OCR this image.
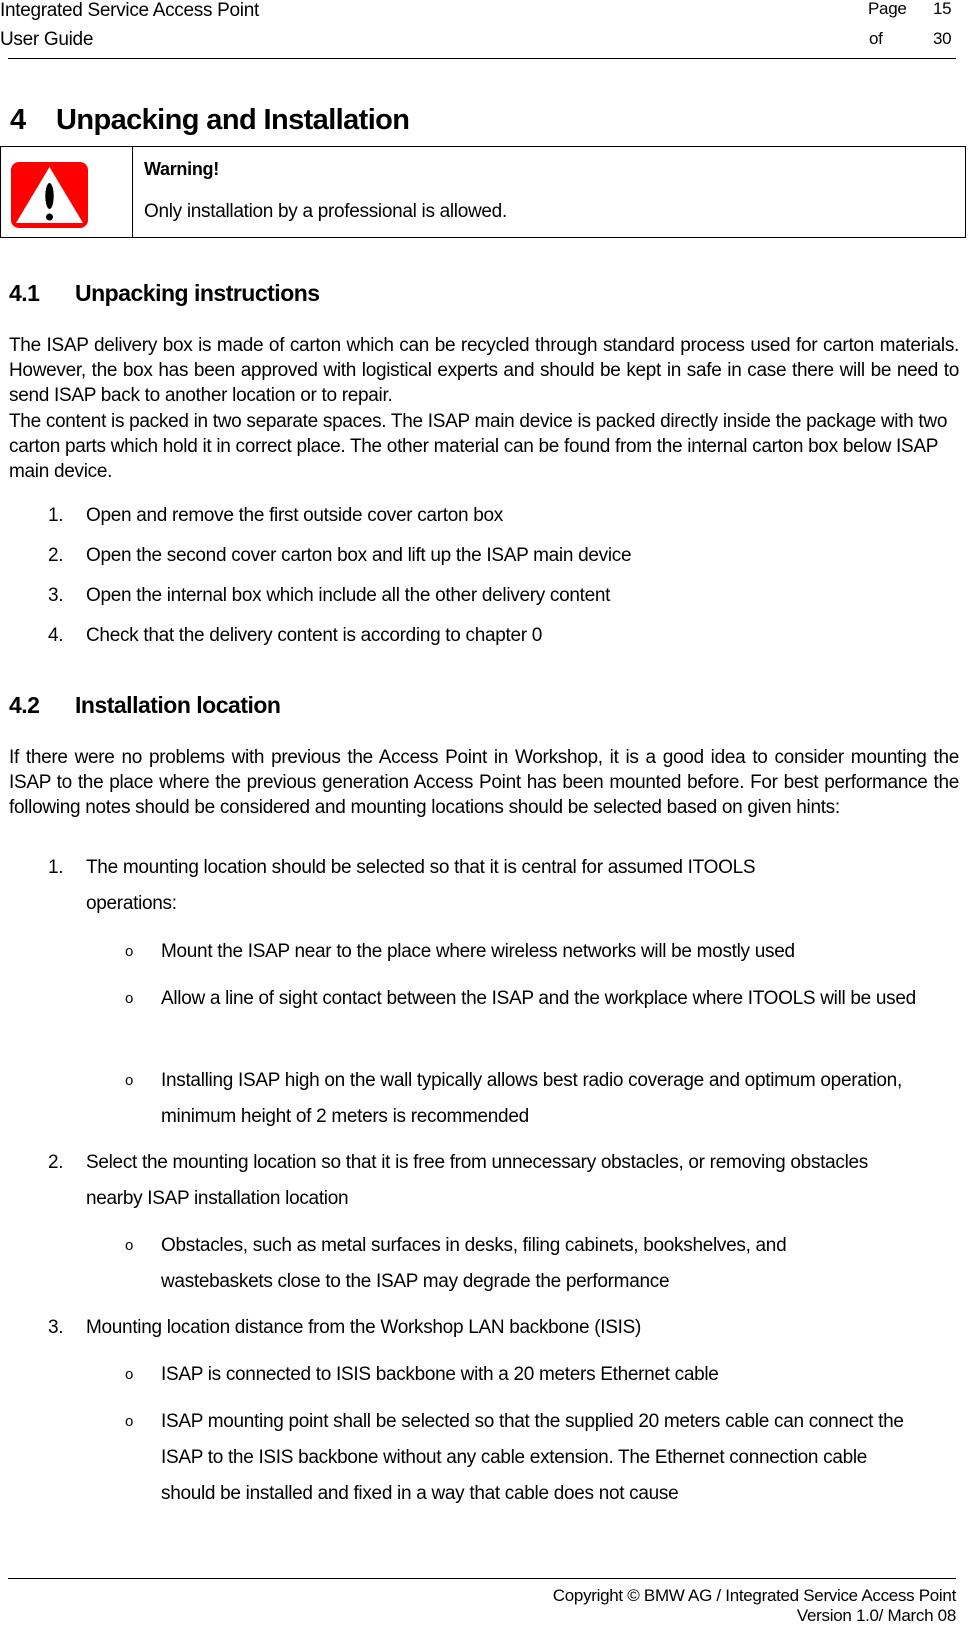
Integrated Service Access Point
User Guide
Page 15
of	30
4 Unpacking and Installation
Warning!
Only installation by a professional is allowed.
4.1 Unpacking instructions
The ISAP delivery box is made of carton which can be recycled through standard process used for carton materials. However, the box has been approved with logistical experts and should be kept in safe in case there will be need to send ISAP back to another location or to repair.
The content is packed in two separate spaces. The ISAP main device is packed directly inside the package with two carton parts which hold it in correct place. The other material can be found from the internal carton box below ISAP main device.
1. Open and remove the first outside cover carton box
2. Open the second cover carton box and lift up the ISAP main device
3. Open the internal box which include all the other delivery content
4. Check that the delivery content is according to chapter 0
4.2 Installation location
If there were no problems with previous the Access Point in Workshop, it is a good idea to consider mounting the ISAP to the place where the previous generation Access Point has been mounted before. For best performance the following notes should be considered and mounting locations should be selected based on given hints:
1. The mounting location should be selected so that it is central for assumed ITOOLS operations:
o Mount the ISAP near to the place where wireless networks will be mostly used
o Allow a line of sight contact between the ISAP and the workplace where ITOOLS will be used
o Installing ISAP high on the wall typically allows best radio coverage and optimum operation, minimum height of 2 meters is recommended
2. Select the mounting location so that it is free from unnecessary obstacles, or removing obstacles nearby ISAP installation location
o Obstacles, such as metal surfaces in desks, filing cabinets, bookshelves, and wastebaskets close to the ISAP may degrade the performance
3. Mounting location distance from the Workshop LAN backbone (ISIS)
o ISAP is connected to ISIS backbone with a 20 meters Ethernet cable
o ISAP mounting point shall be selected so that the supplied 20 meters cable can connect the ISAP to the ISIS backbone without any cable extension. The Ethernet connection cable should be installed and fixed in a way that cable does not cause
Copyright © BMW AG / Integrated Service Access Point
Version 1.0/ March 08
